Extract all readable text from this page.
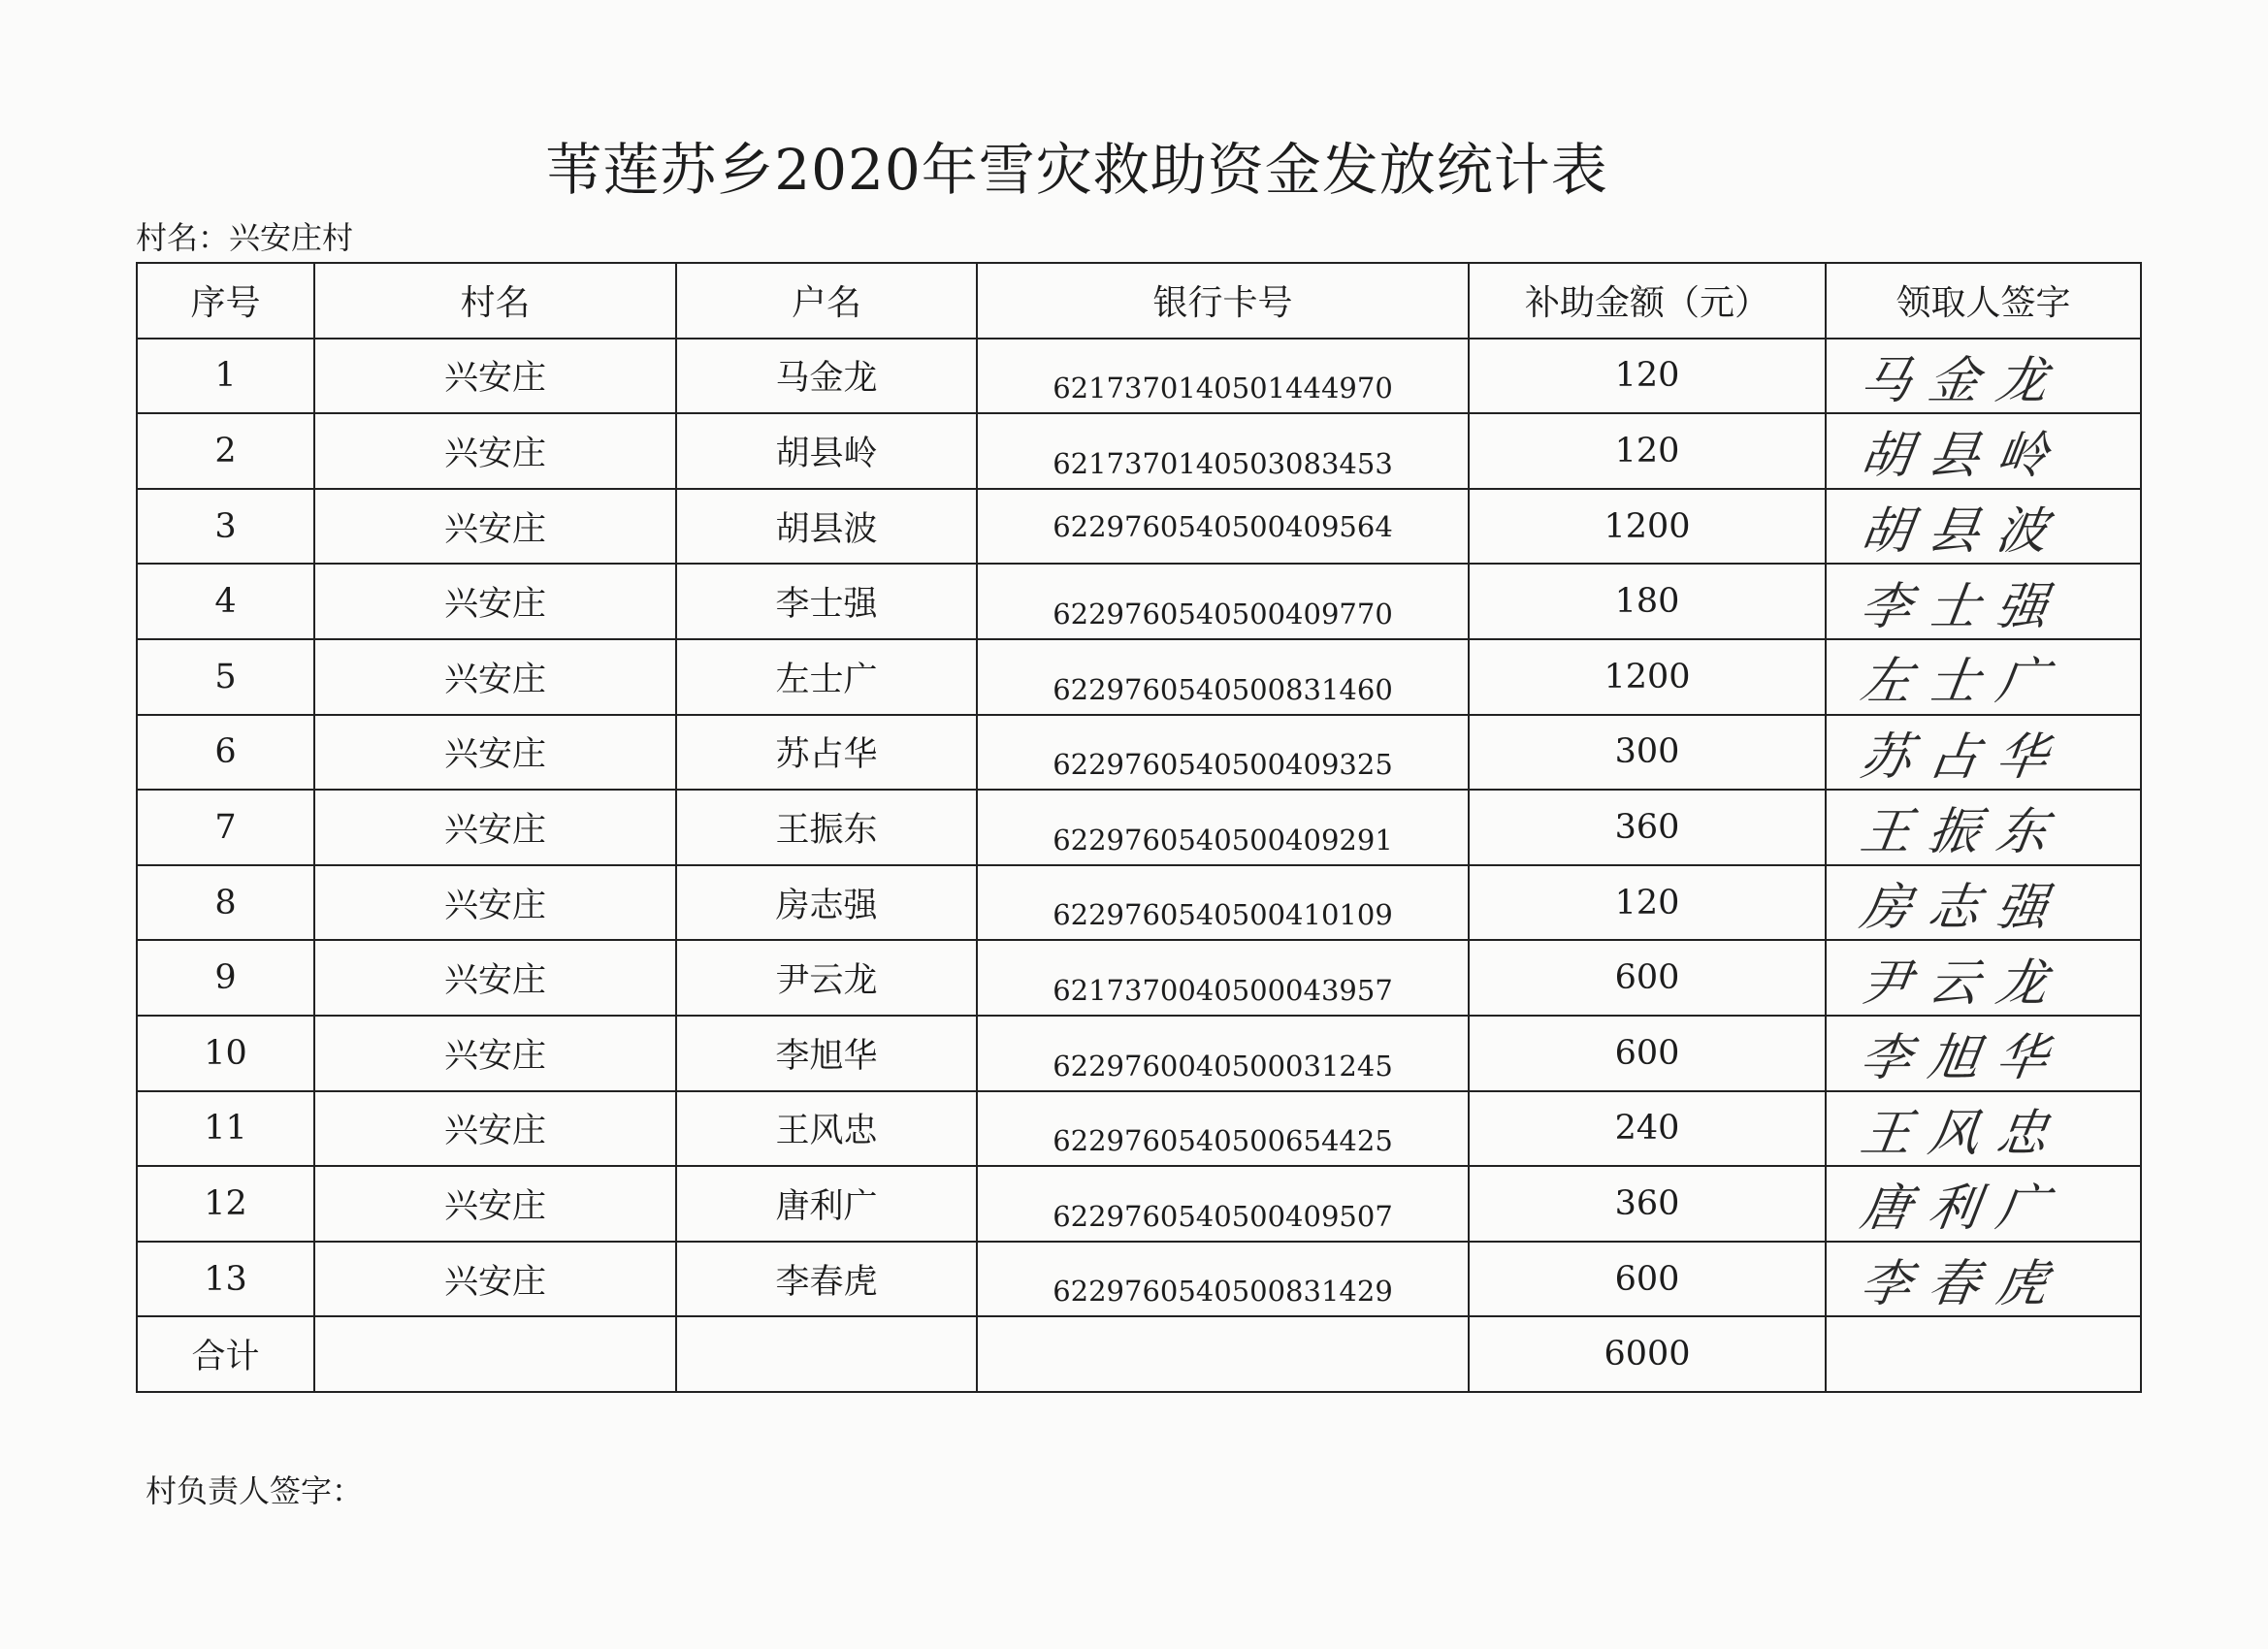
苇莲苏乡2020年雪灾救助资金发放统计表
村名：兴安庄村
序号	村名	户名	银行卡号	补助金额（元）	领取人签字
1	兴安庄	马金龙	6217370140501444970	120	马金龙
2	兴安庄	胡县岭	6217370140503083453	120	胡县岭
3	兴安庄	胡县波	6229760540500409564	1200	胡县波
4	兴安庄	李士强	6229760540500409770	180	李士强
5	兴安庄	左士广	6229760540500831460	1200	左士广
6	兴安庄	苏占华	6229760540500409325	300	苏占华
7	兴安庄	王振东	6229760540500409291	360	王振东
8	兴安庄	房志强	6229760540500410109	120	房志强
9	兴安庄	尹云龙	6217370040500043957	600	尹云龙
10	兴安庄	李旭华	6229760040500031245	600	李旭华
11	兴安庄	王风忠	6229760540500654425	240	王风忠
12	兴安庄	唐利广	6229760540500409507	360	唐利广
13	兴安庄	李春虎	6229760540500831429	600	李春虎
合计				6000	
村负责人签字：
